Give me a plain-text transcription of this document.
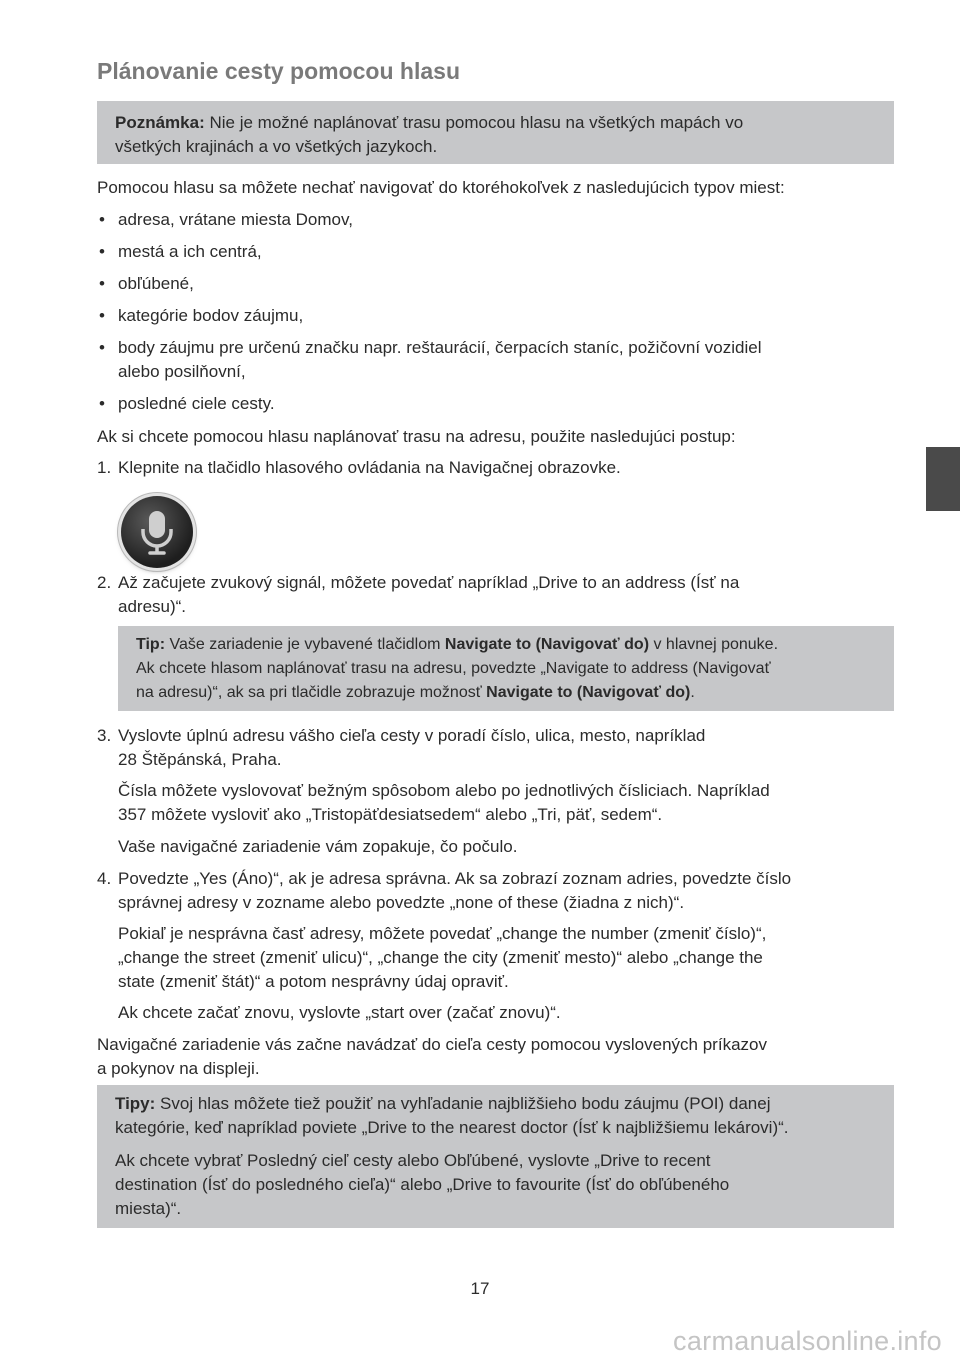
Plánovanie cesty pomocou hlasu

Poznámka: Nie je možné naplánovať trasu pomocou hlasu na všetkých mapách vo

všetkých krajinách a vo všetkých jazykoch.

Pomocou hlasu sa môžete nechať navigovať do ktoréhokoľvek z nasledujúcich typov miest:

• adresa, vrátane miesta Domov,

• mestá a ich centrá,

• obľúbené,

• kategórie bodov záujmu,

• body záujmu pre určenú značku napr. reštaurácií, čerpacích staníc, požičovní vozidiel

alebo posilňovní,

• posledné ciele cesty.

Ak si chcete pomocou hlasu naplánovať trasu na adresu, použite nasledujúci postup:

1. Klepnite na tlačidlo hlasového ovládania na Navigačnej obrazovke.

2. Až začujete zvukový signál, môžete povedať napríklad „Drive to an address (Ísť na

adresu)“.

Tip: Vaše zariadenie je vybavené tlačidlom Navigate to (Navigovať do) v hlavnej ponuke.

Ak chcete hlasom naplánovať trasu na adresu, povedzte „Navigate to address (Navigovať

na adresu)“, ak sa pri tlačidle zobrazuje možnosť Navigate to (Navigovať do).

3. Vyslovte úplnú adresu vášho cieľa cesty v poradí číslo, ulica, mesto, napríklad

28 Štěpánská, Praha.

Čísla môžete vyslovovať bežným spôsobom alebo po jednotlivých čísliciach. Napríklad

357 môžete vysloviť ako „Tristopäťdesiatsedem“ alebo „Tri, päť, sedem“.

Vaše navigačné zariadenie vám zopakuje, čo počulo.

4. Povedzte „Yes (Áno)“, ak je adresa správna. Ak sa zobrazí zoznam adries, povedzte číslo

správnej adresy v zozname alebo povedzte „none of these (žiadna z nich)“.

Pokiaľ je nesprávna časť adresy, môžete povedať „change the number (zmeniť číslo)“,

„change the street (zmeniť ulicu)“, „change the city (zmeniť mesto)“ alebo „change the

state (zmeniť štát)“ a potom nesprávny údaj opraviť.

Ak chcete začať znovu, vyslovte „start over (začať znovu)“.

Navigačné zariadenie vás začne navádzať do cieľa cesty pomocou vyslovených príkazov

a pokynov na displeji.

Tipy: Svoj hlas môžete tiež použiť na vyhľadanie najbližšieho bodu záujmu (POI) danej

kategórie, keď napríklad poviete „Drive to the nearest doctor (Ísť k najbližšiemu lekárovi)“.

Ak chcete vybrať Posledný cieľ cesty alebo Obľúbené, vyslovte „Drive to recent

destination (Ísť do posledného cieľa)“ alebo „Drive to favourite (Ísť do obľúbeného

miesta)“.

17

carmanualsonline.info
